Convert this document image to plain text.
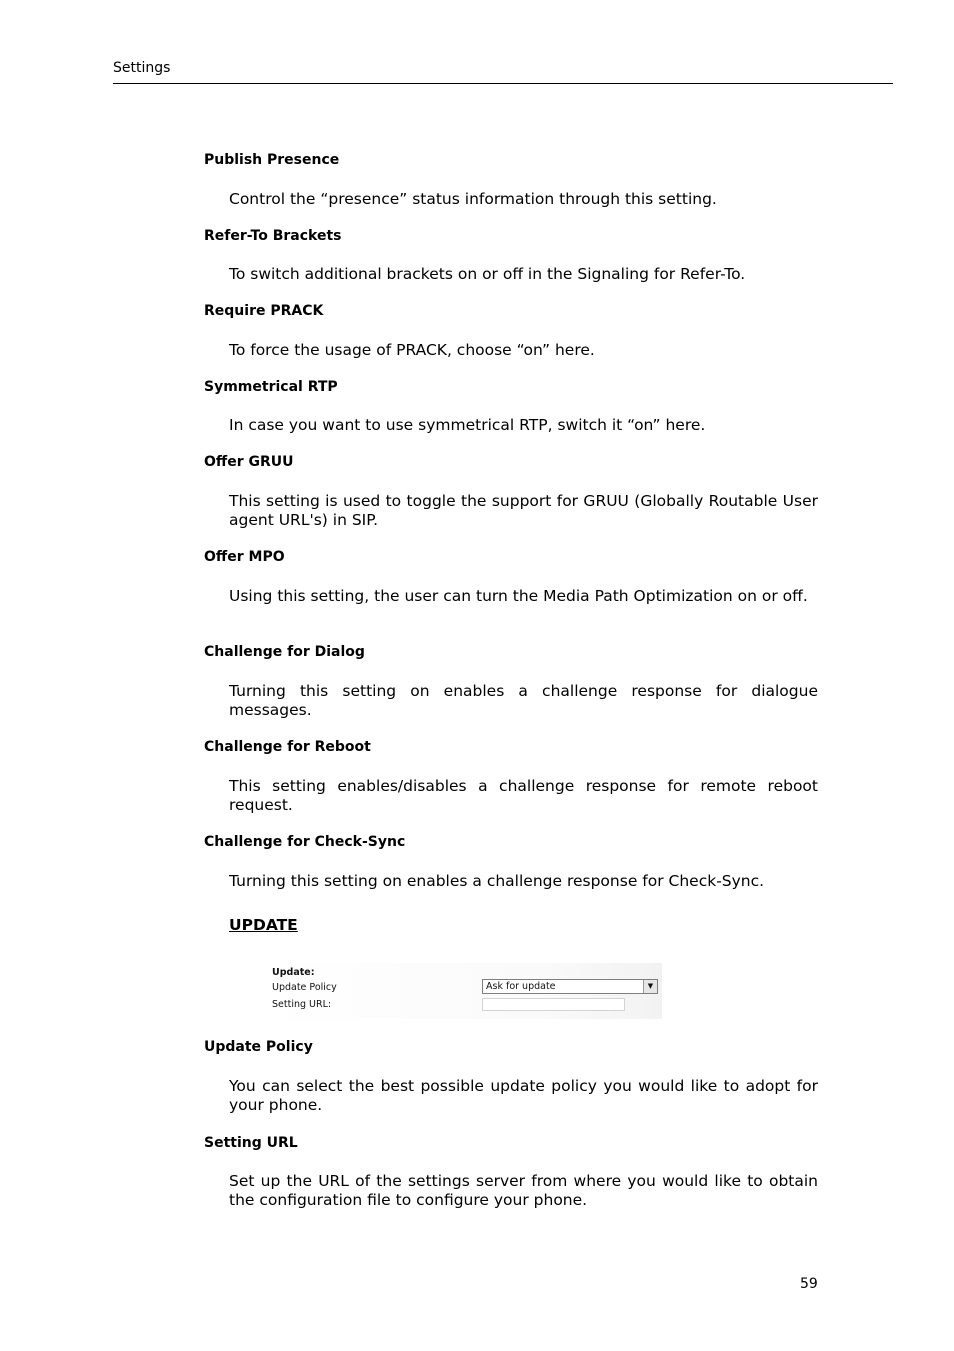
Settings
Publish Presence
Control the “presence” status information through this setting.
Refer-To Brackets
To switch additional brackets on or off in the Signaling for Refer-To.
Require PRACK
To force the usage of PRACK, choose “on” here.
Symmetrical RTP
In case you want to use symmetrical RTP, switch it “on” here.
Offer GRUU
This setting is used to toggle the support for GRUU (Globally Routable User agent URL's) in SIP.
Offer MPO
Using this setting, the user can turn the Media Path Optimization on or off.
Challenge for Dialog
Turning this setting on enables a challenge response for dialogue messages.
Challenge for Reboot
This setting enables/disables a challenge response for remote reboot request.
Challenge for Check-Sync
Turning this setting on enables a challenge response for Check-Sync.
UPDATE
Update:
Update Policy
Setting URL:
Ask for update	▼
Update Policy
You can select the best possible update policy you would like to adopt for your phone.
Setting URL
Set up the URL of the settings server from where you would like to obtain the configuration file to configure your phone.
59
